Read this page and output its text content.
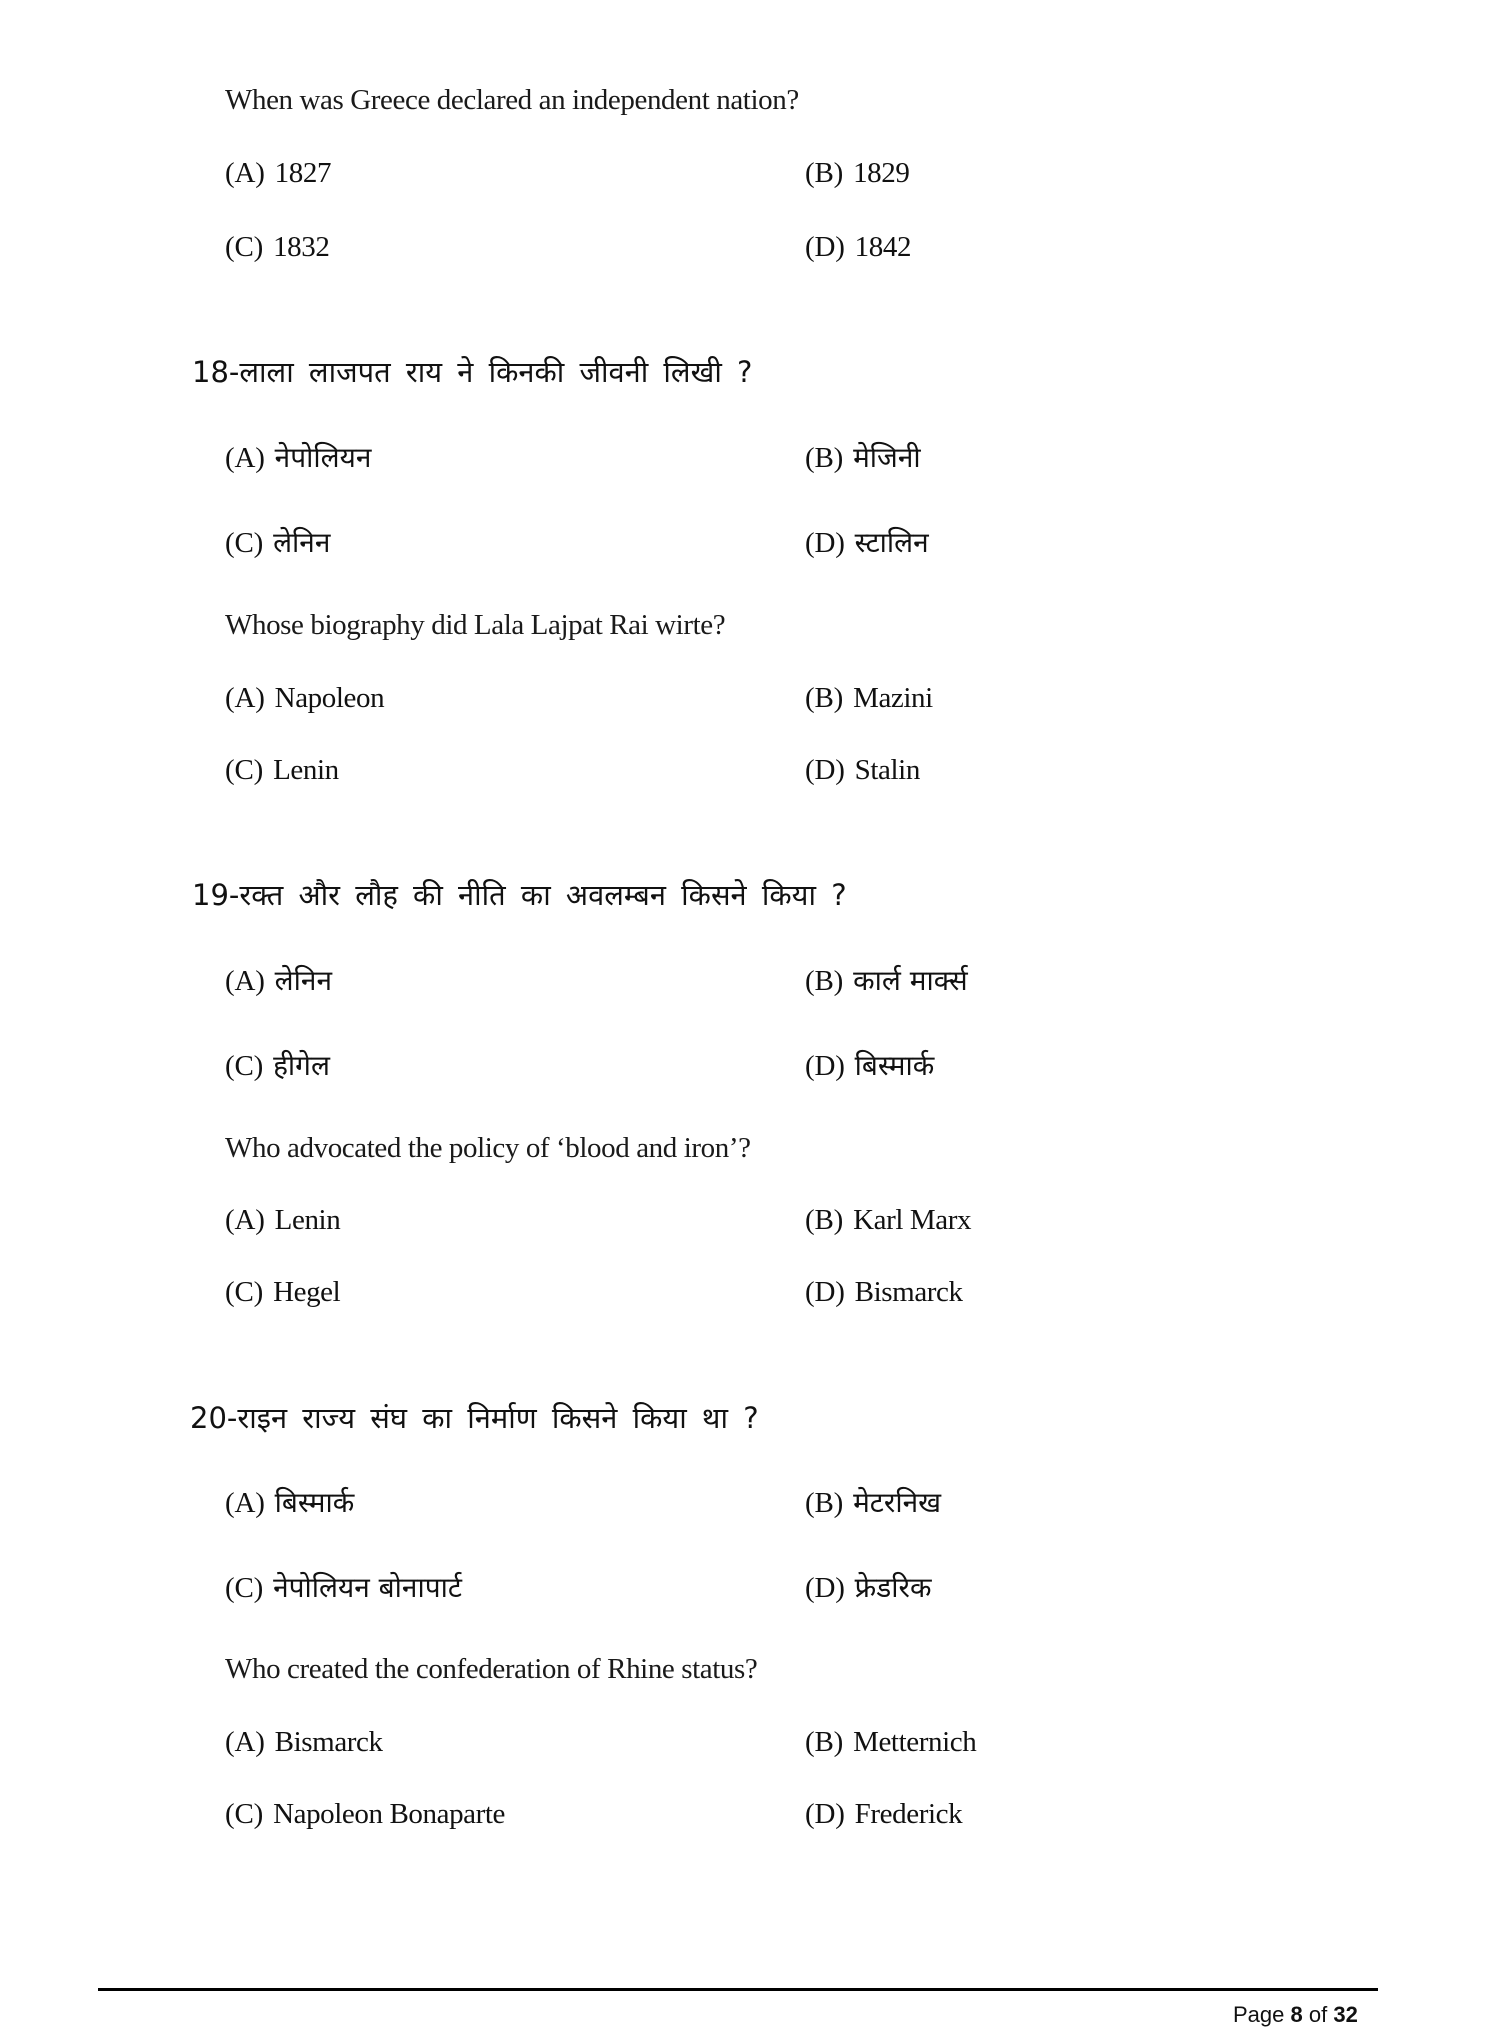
When was Greece declared an independent nation?
(A) 1827	(B) 1829
(C) 1832	(D) 1842
18-लाला लाजपत राय ने किनकी जीवनी लिखी ?
(A) नेपोलियन	(B) मेजिनी
(C) लेनिन	(D) स्टालिन
Whose biography did Lala Lajpat Rai wirte?
(A) Napoleon	(B) Mazini
(C) Lenin	(D) Stalin
19-रक्त और लौह की नीति का अवलम्बन किसने किया ?
(A) लेनिन	(B) कार्ल मार्क्स
(C) हीगेल	(D) बिस्मार्क
Who advocated the policy of ‘blood and iron’?
(A) Lenin	(B) Karl Marx
(C) Hegel	(D) Bismarck
20-राइन राज्य संघ का निर्माण किसने किया था ?
(A) बिस्मार्क	(B) मेटरनिख
(C) नेपोलियन बोनापार्ट	(D) फ्रेडरिक
Who created the confederation of Rhine status?
(A) Bismarck	(B) Metternich
(C) Napoleon Bonaparte	(D) Frederick
Page 8 of 32
